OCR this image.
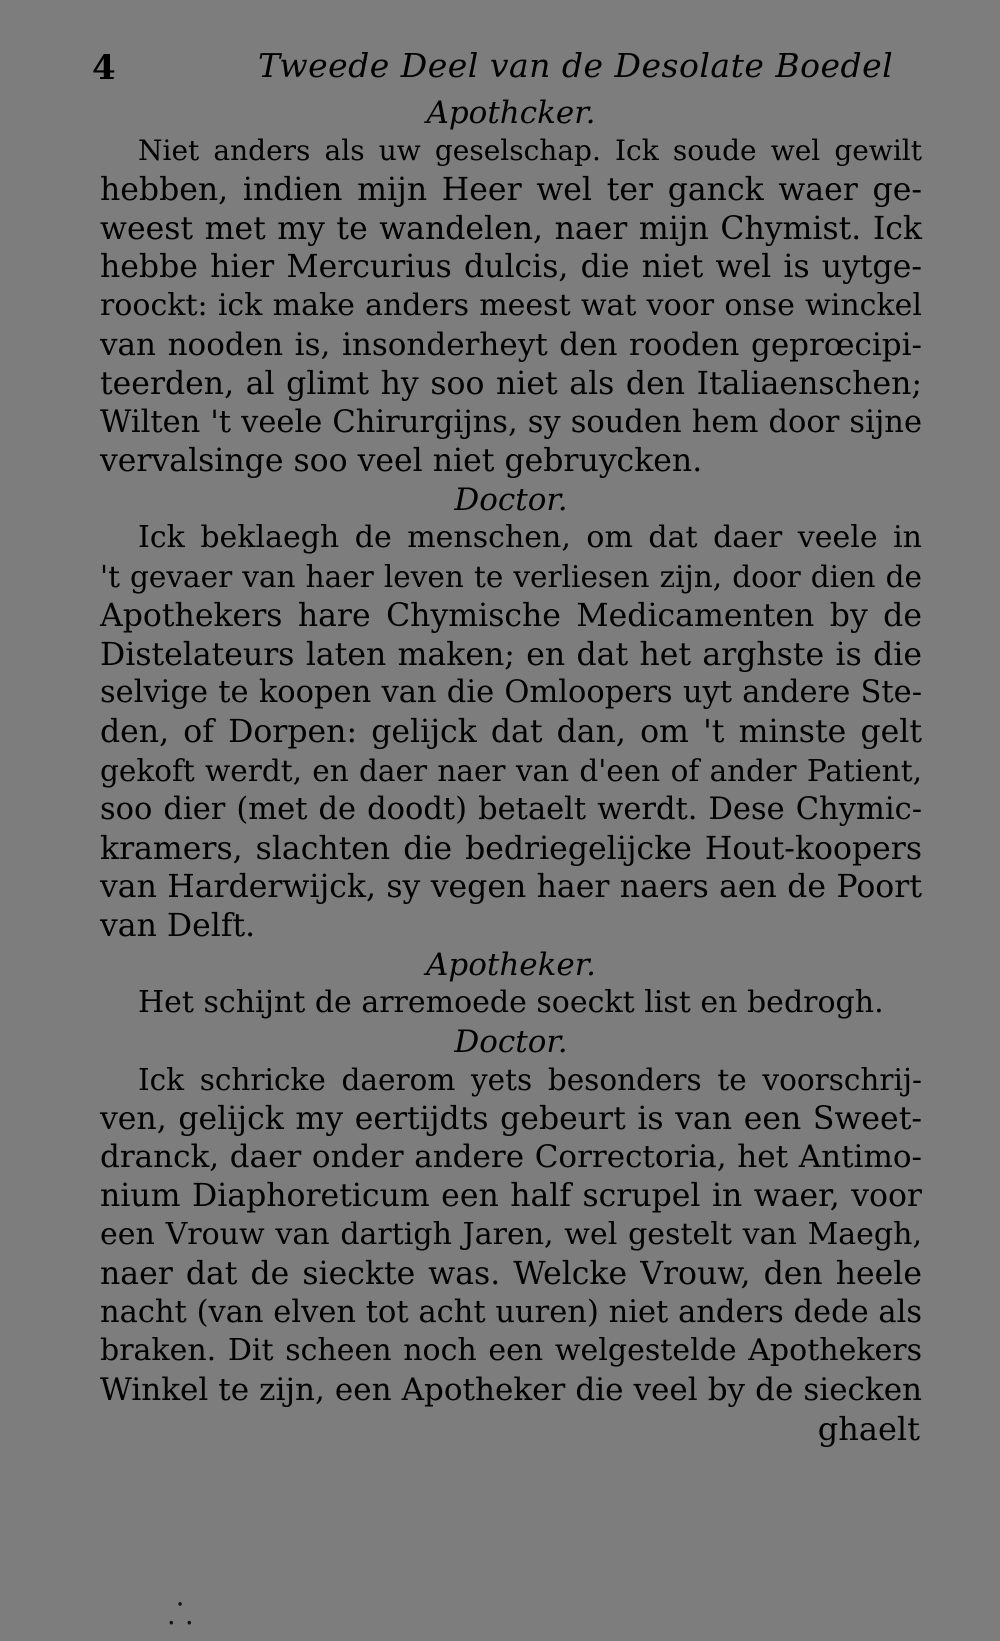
4	Tweede Deel van de Desolate Boedel
Apothcker.
Niet anders als uw geselschap. Ick soude wel gewilt
hebben, indien mijn Heer wel ter ganck waer ge-
weest met my te wandelen, naer mijn Chymist. Ick
hebbe hier Mercurius dulcis, die niet wel is uytge-
roockt: ick make anders meest wat voor onse winckel
van nooden is, insonderheyt den rooden geprœcipi-
teerden, al glimt hy soo niet als den Italiaenschen;
Wilten 't veele Chirurgijns, sy souden hem door sijne
vervalsinge soo veel niet gebruycken.
Doctor.
Ick beklaegh de menschen, om dat daer veele in
't gevaer van haer leven te verliesen zijn, door dien de
Apothekers hare Chymische Medicamenten by de
Distelateurs laten maken; en dat het arghste is die
selvige te koopen van die Omloopers uyt andere Ste-
den, of Dorpen: gelijck dat dan, om 't minste gelt
gekoft werdt, en daer naer van d'een of ander Patient,
soo dier (met de doodt) betaelt werdt. Dese Chymic-
kramers, slachten die bedriegelijcke Hout-koopers
van Harderwijck, sy vegen haer naers aen de Poort
van Delft.
Apotheker.
Het schijnt de arremoede soeckt list en bedrogh.
Doctor.
Ick schricke daerom yets besonders te voorschrij-
ven, gelijck my eertijdts gebeurt is van een Sweet-
dranck, daer onder andere Correctoria, het Antimo-
nium Diaphoreticum een half scrupel in waer, voor
een Vrouw van dartigh Jaren, wel gestelt van Maegh,
naer dat de sieckte was. Welcke Vrouw, den heele
nacht (van elven tot acht uuren) niet anders dede als
braken. Dit scheen noch een welgestelde Apothekers
Winkel te zijn, een Apotheker die veel by de siecken
ghaelt
⸫
